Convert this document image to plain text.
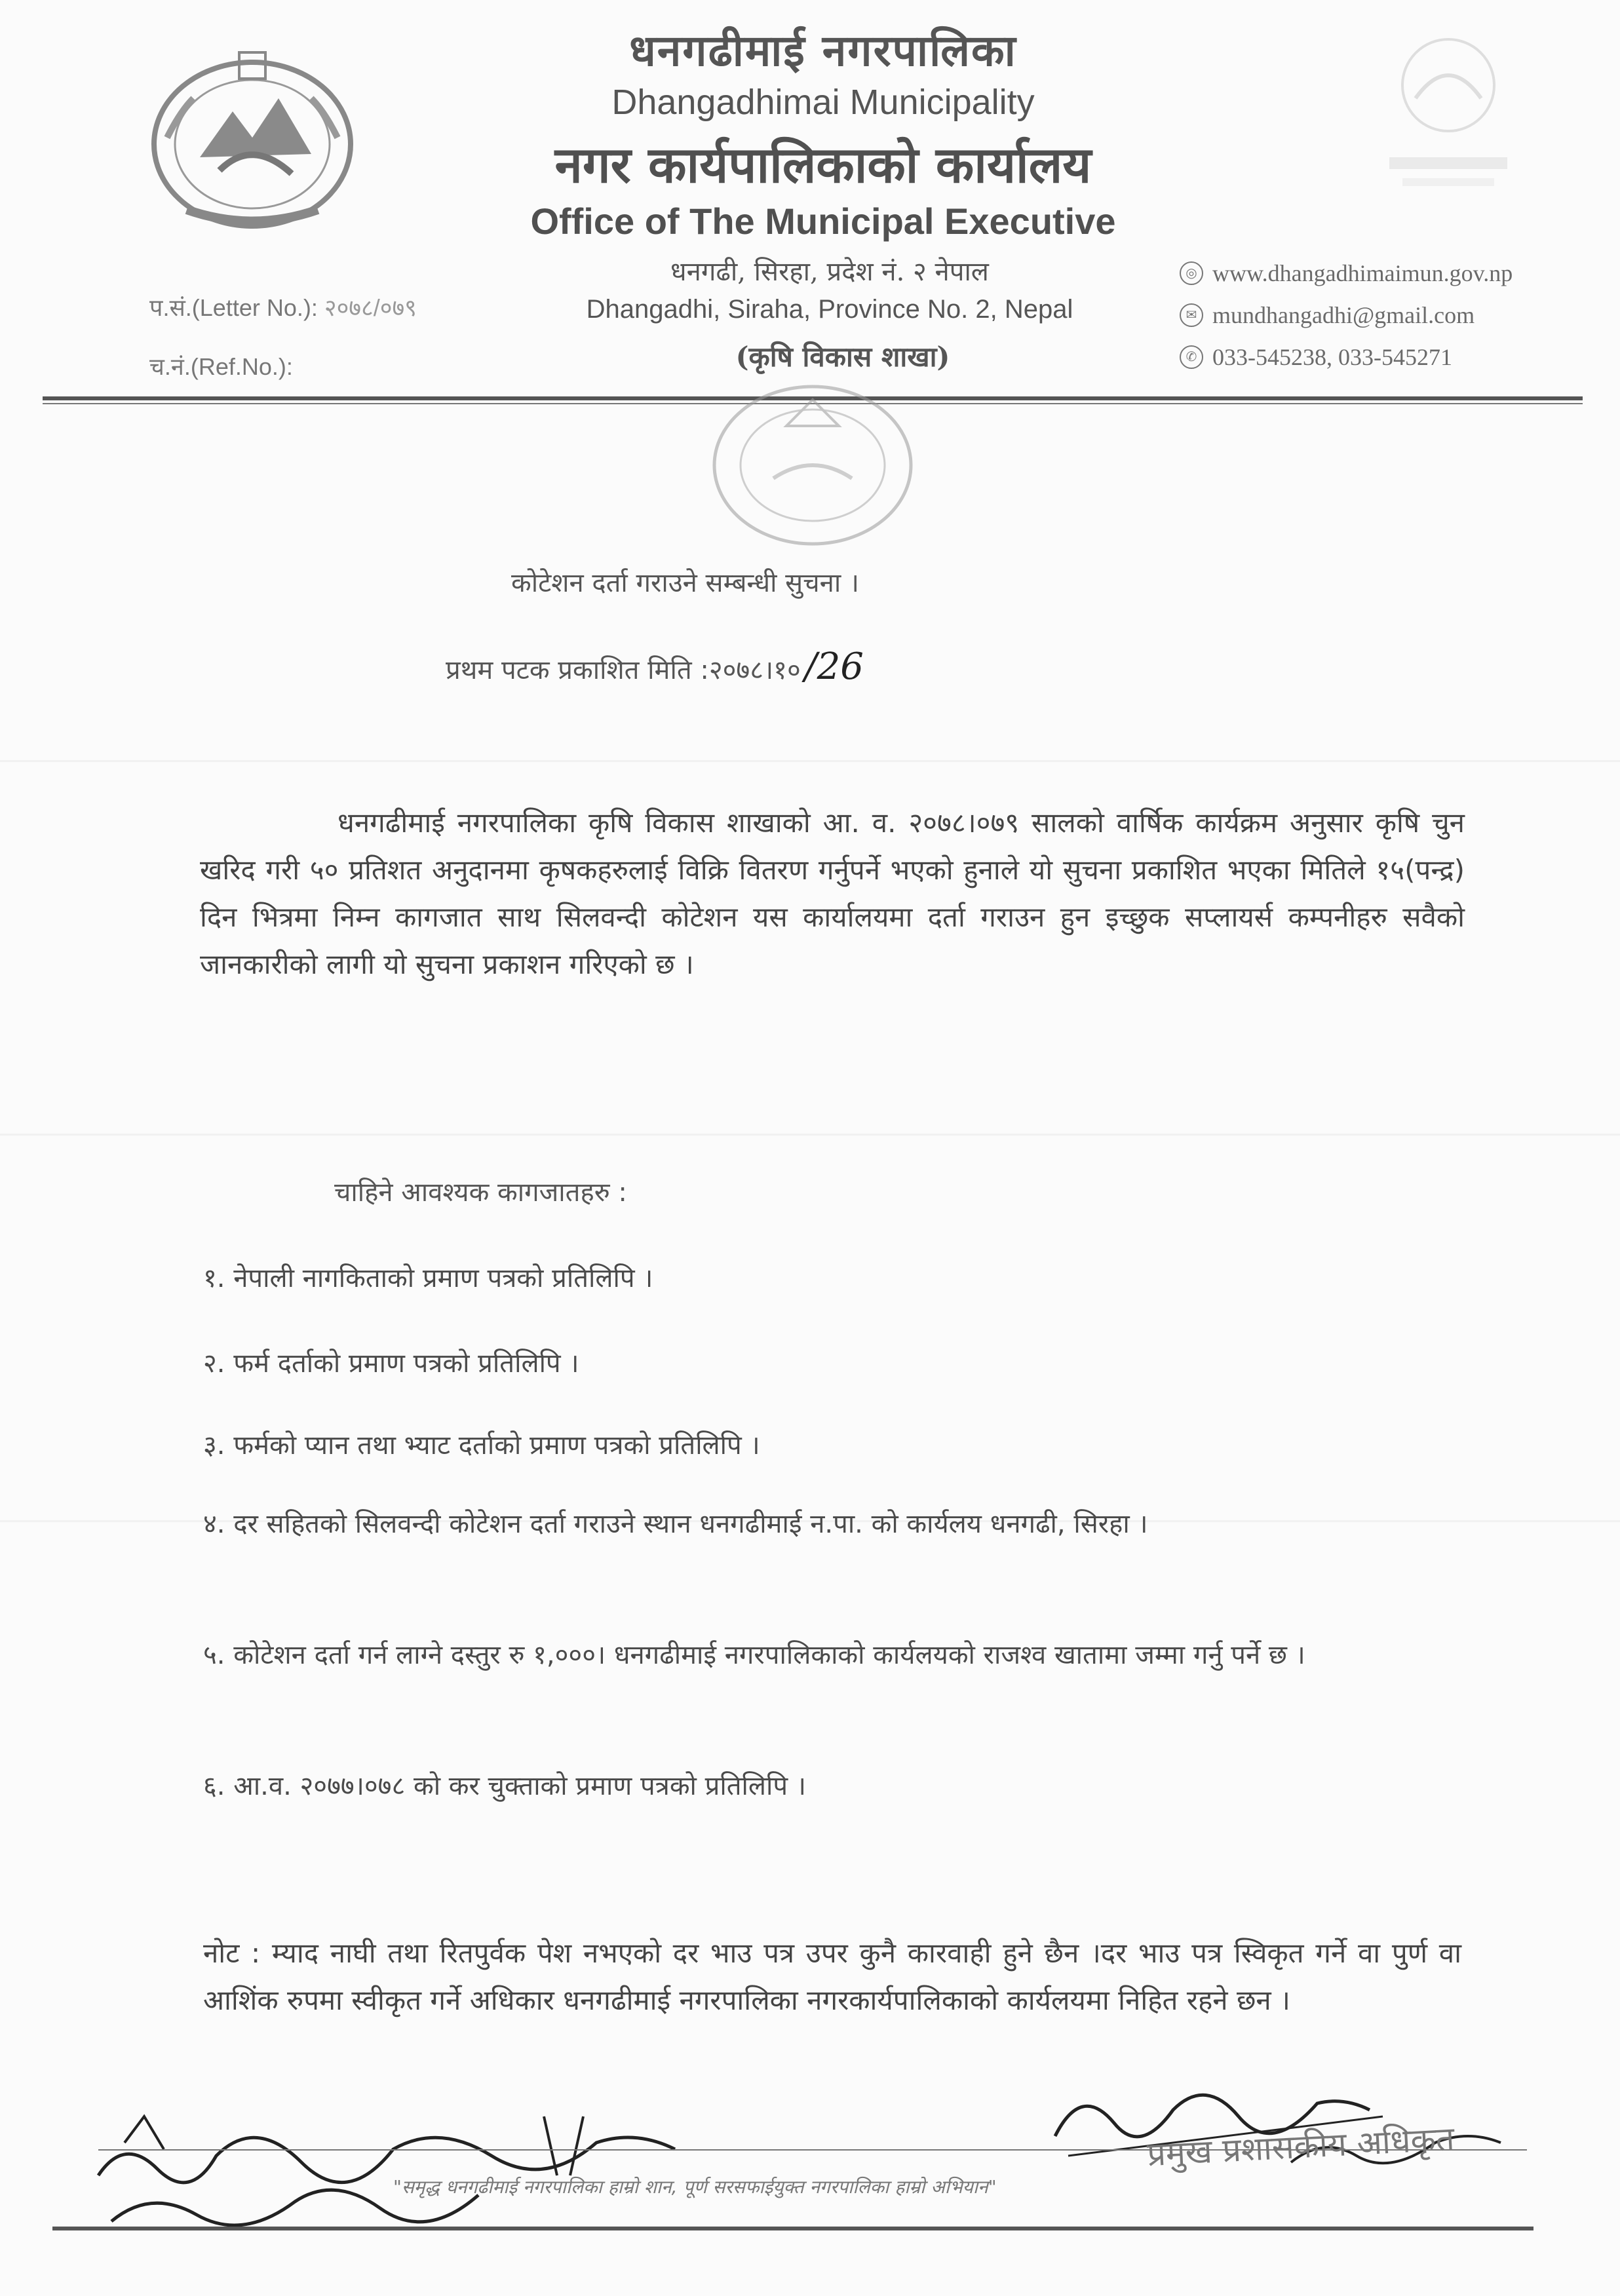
धनगढीमाई नगरपालिका
Dhangadhimai Municipality
नगर कार्यपालिकाको कार्यालय
Office of The Municipal Executive
धनगढी, सिरहा, प्रदेश नं. २ नेपाल
Dhangadhi, Siraha, Province No. 2, Nepal
(कृषि विकास शाखा)
प.सं.(Letter No.): २०७८/०७९
च.नं.(Ref.No.):
◎ www.dhangadhimaimun.gov.np
✉ mundhangadhi@gmail.com
✆ 033-545238, 033-545271
कोटेशन दर्ता गराउने सम्बन्धी सुचना ।
प्रथम पटक प्रकाशित मिति :२०७८।१० /26
धनगढीमाई नगरपालिका कृषि विकास शाखाको आ. व. २०७८।०७९ सालको वार्षिक कार्यक्रम अनुसार कृषि चुन खरिद गरी ५० प्रतिशत अनुदानमा कृषकहरुलाई विक्रि वितरण गर्नुपर्ने भएको हुनाले यो सुचना प्रकाशित भएका मितिले १५(पन्द्र) दिन भित्रमा निम्न कागजात साथ सिलवन्दी कोटेशन यस कार्यालयमा दर्ता गराउन हुन इच्छुक सप्लायर्स कम्पनीहरु सवैको जानकारीको लागी यो सुचना प्रकाशन गरिएको छ ।
चाहिने आवश्यक कागजातहरु :
१. नेपाली नागकिताको प्रमाण पत्रको प्रतिलिपि ।
२. फर्म दर्ताको प्रमाण पत्रको प्रतिलिपि ।
३. फर्मको प्यान तथा भ्याट दर्ताको प्रमाण पत्रको प्रतिलिपि ।
४. दर सहितको सिलवन्दी कोटेशन दर्ता गराउने स्थान धनगढीमाई न.पा. को कार्यलय धनगढी, सिरहा ।
५. कोटेशन दर्ता गर्न लाग्ने दस्तुर रु १,०००। धनगढीमाई नगरपालिकाको कार्यलयको राजश्व खातामा जम्मा गर्नु पर्ने छ ।
६. आ.व. २०७७।०७८ को कर चुक्ताको प्रमाण पत्रको प्रतिलिपि ।
नोट : म्याद नाघी तथा रितपुर्वक पेश नभएको दर भाउ पत्र उपर कुनै कारवाही हुने छैन ।दर भाउ पत्र स्विकृत गर्ने वा पुर्ण वा आशिंक रुपमा स्वीकृत गर्ने अधिकार धनगढीमाई नगरपालिका नगरकार्यपालिकाको कार्यलयमा निहित रहने छन ।
प्रमुख प्रशासकीय अधिकृत
"समृद्ध धनगढीमाई नगरपालिका हाम्रो शान, पूर्ण सरसफाईयुक्त नगरपालिका हाम्रो अभियान"
